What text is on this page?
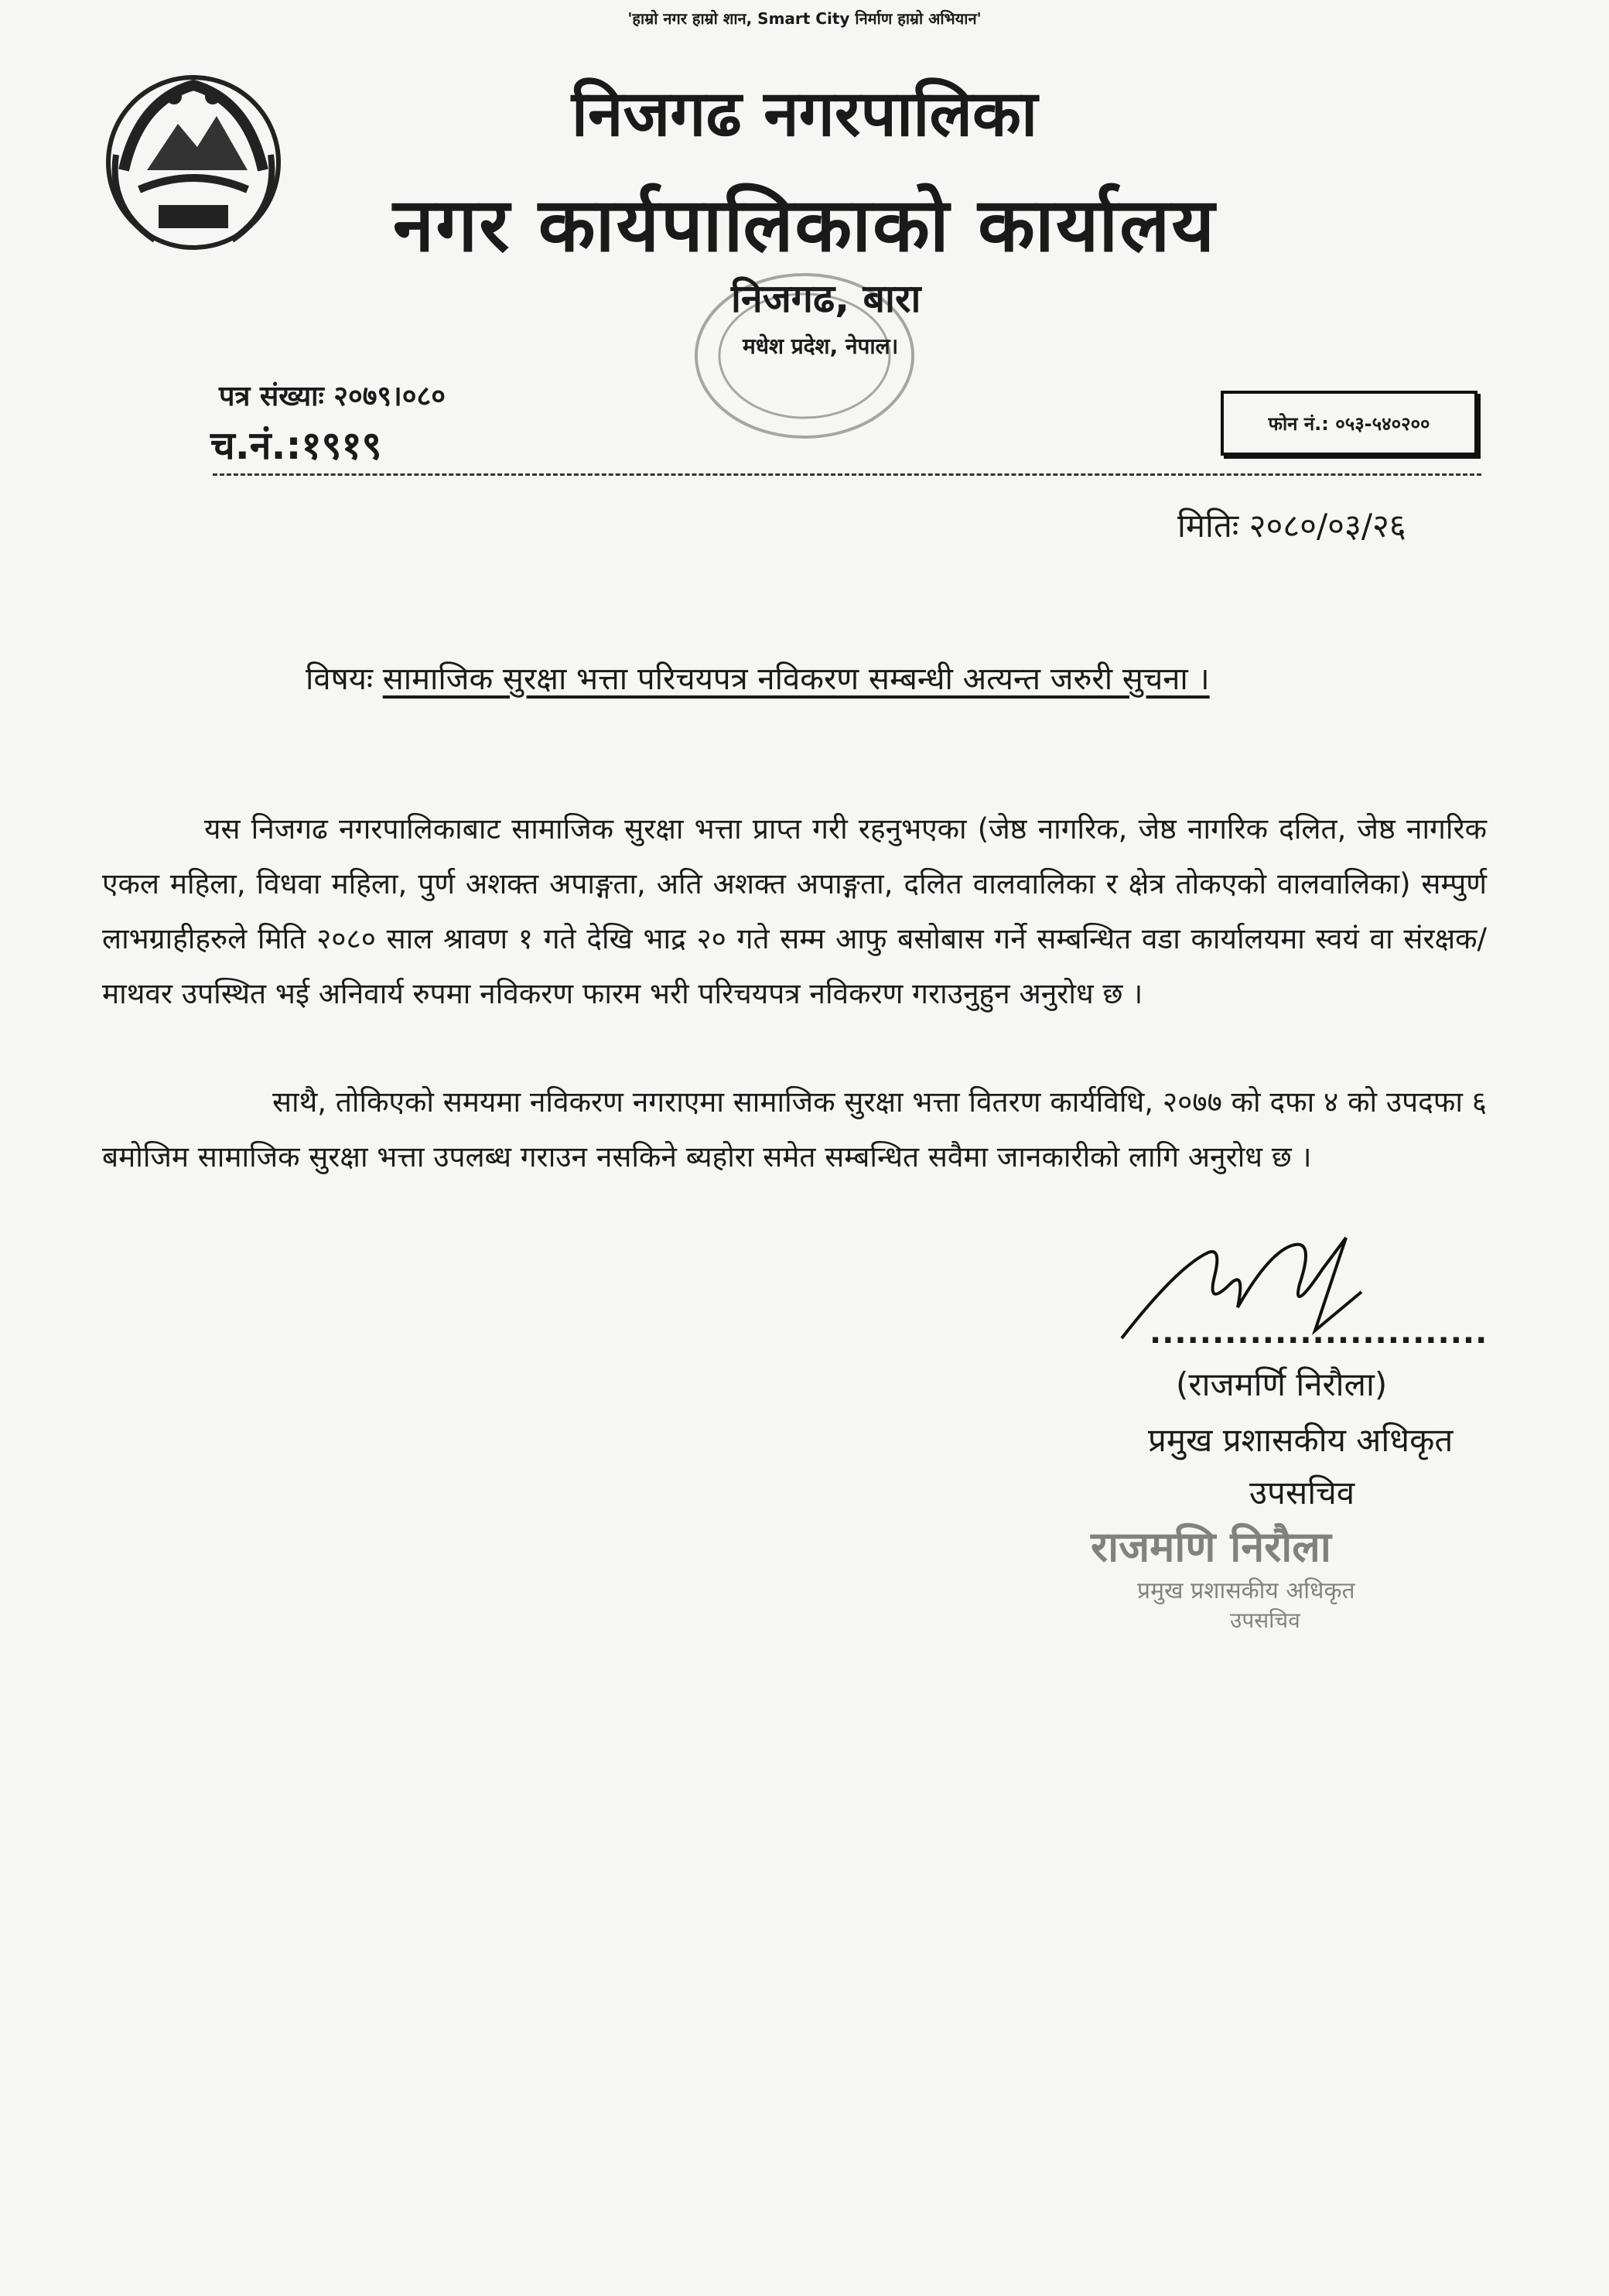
'हाम्रो नगर हाम्रो शान, Smart City निर्माण हाम्रो अभियान'
निजगढ नगरपालिका
नगर कार्यपालिकाको कार्यालय
निजगढ, बारा
मधेश प्रदेश, नेपाल।
पत्र संख्याः २०७९।०८०
च.नं.:१९१९	फोन नं.: ०५३-५४०२००
मितिः २०८०/०३/२६
विषयः सामाजिक सुरक्षा भत्ता परिचयपत्र नविकरण सम्बन्धी अत्यन्त जरुरी सुचना ।

यस निजगढ नगरपालिकाबाट सामाजिक सुरक्षा भत्ता प्राप्त गरी रहनुभएका (जेष्ठ नागरिक, जेष्ठ नागरिक दलित, जेष्ठ नागरिक एकल महिला, विधवा महिला, पुर्ण अशक्त अपाङ्गता, अति अशक्त अपाङ्गता, दलित वालवालिका र क्षेत्र तोकएको वालवालिका) सम्पुर्ण लाभग्राहीहरुले मिति २०८० साल श्रावण १ गते देखि भाद्र २० गते सम्म आफु बसोबास गर्ने सम्बन्धित वडा कार्यालयमा स्वयं वा संरक्षक/माथवर उपस्थित भई अनिवार्य रुपमा नविकरण फारम भरी परिचयपत्र नविकरण गराउनुहुन अनुरोध छ ।

साथै, तोकिएको समयमा नविकरण नगराएमा सामाजिक सुरक्षा भत्ता वितरण कार्यविधि, २०७७ को दफा ४ को उपदफा ६ बमोजिम सामाजिक सुरक्षा भत्ता उपलब्ध गराउन नसकिने ब्यहोरा समेत सम्बन्धित सवैमा जानकारीको लागि अनुरोध छ ।

...........................
(राजमर्णि निरौला)
प्रमुख प्रशासकीय अधिकृत
उपसचिव
राजमणि निरौला
प्रमुख प्रशासकीय अधिकृत
उपसचिव
